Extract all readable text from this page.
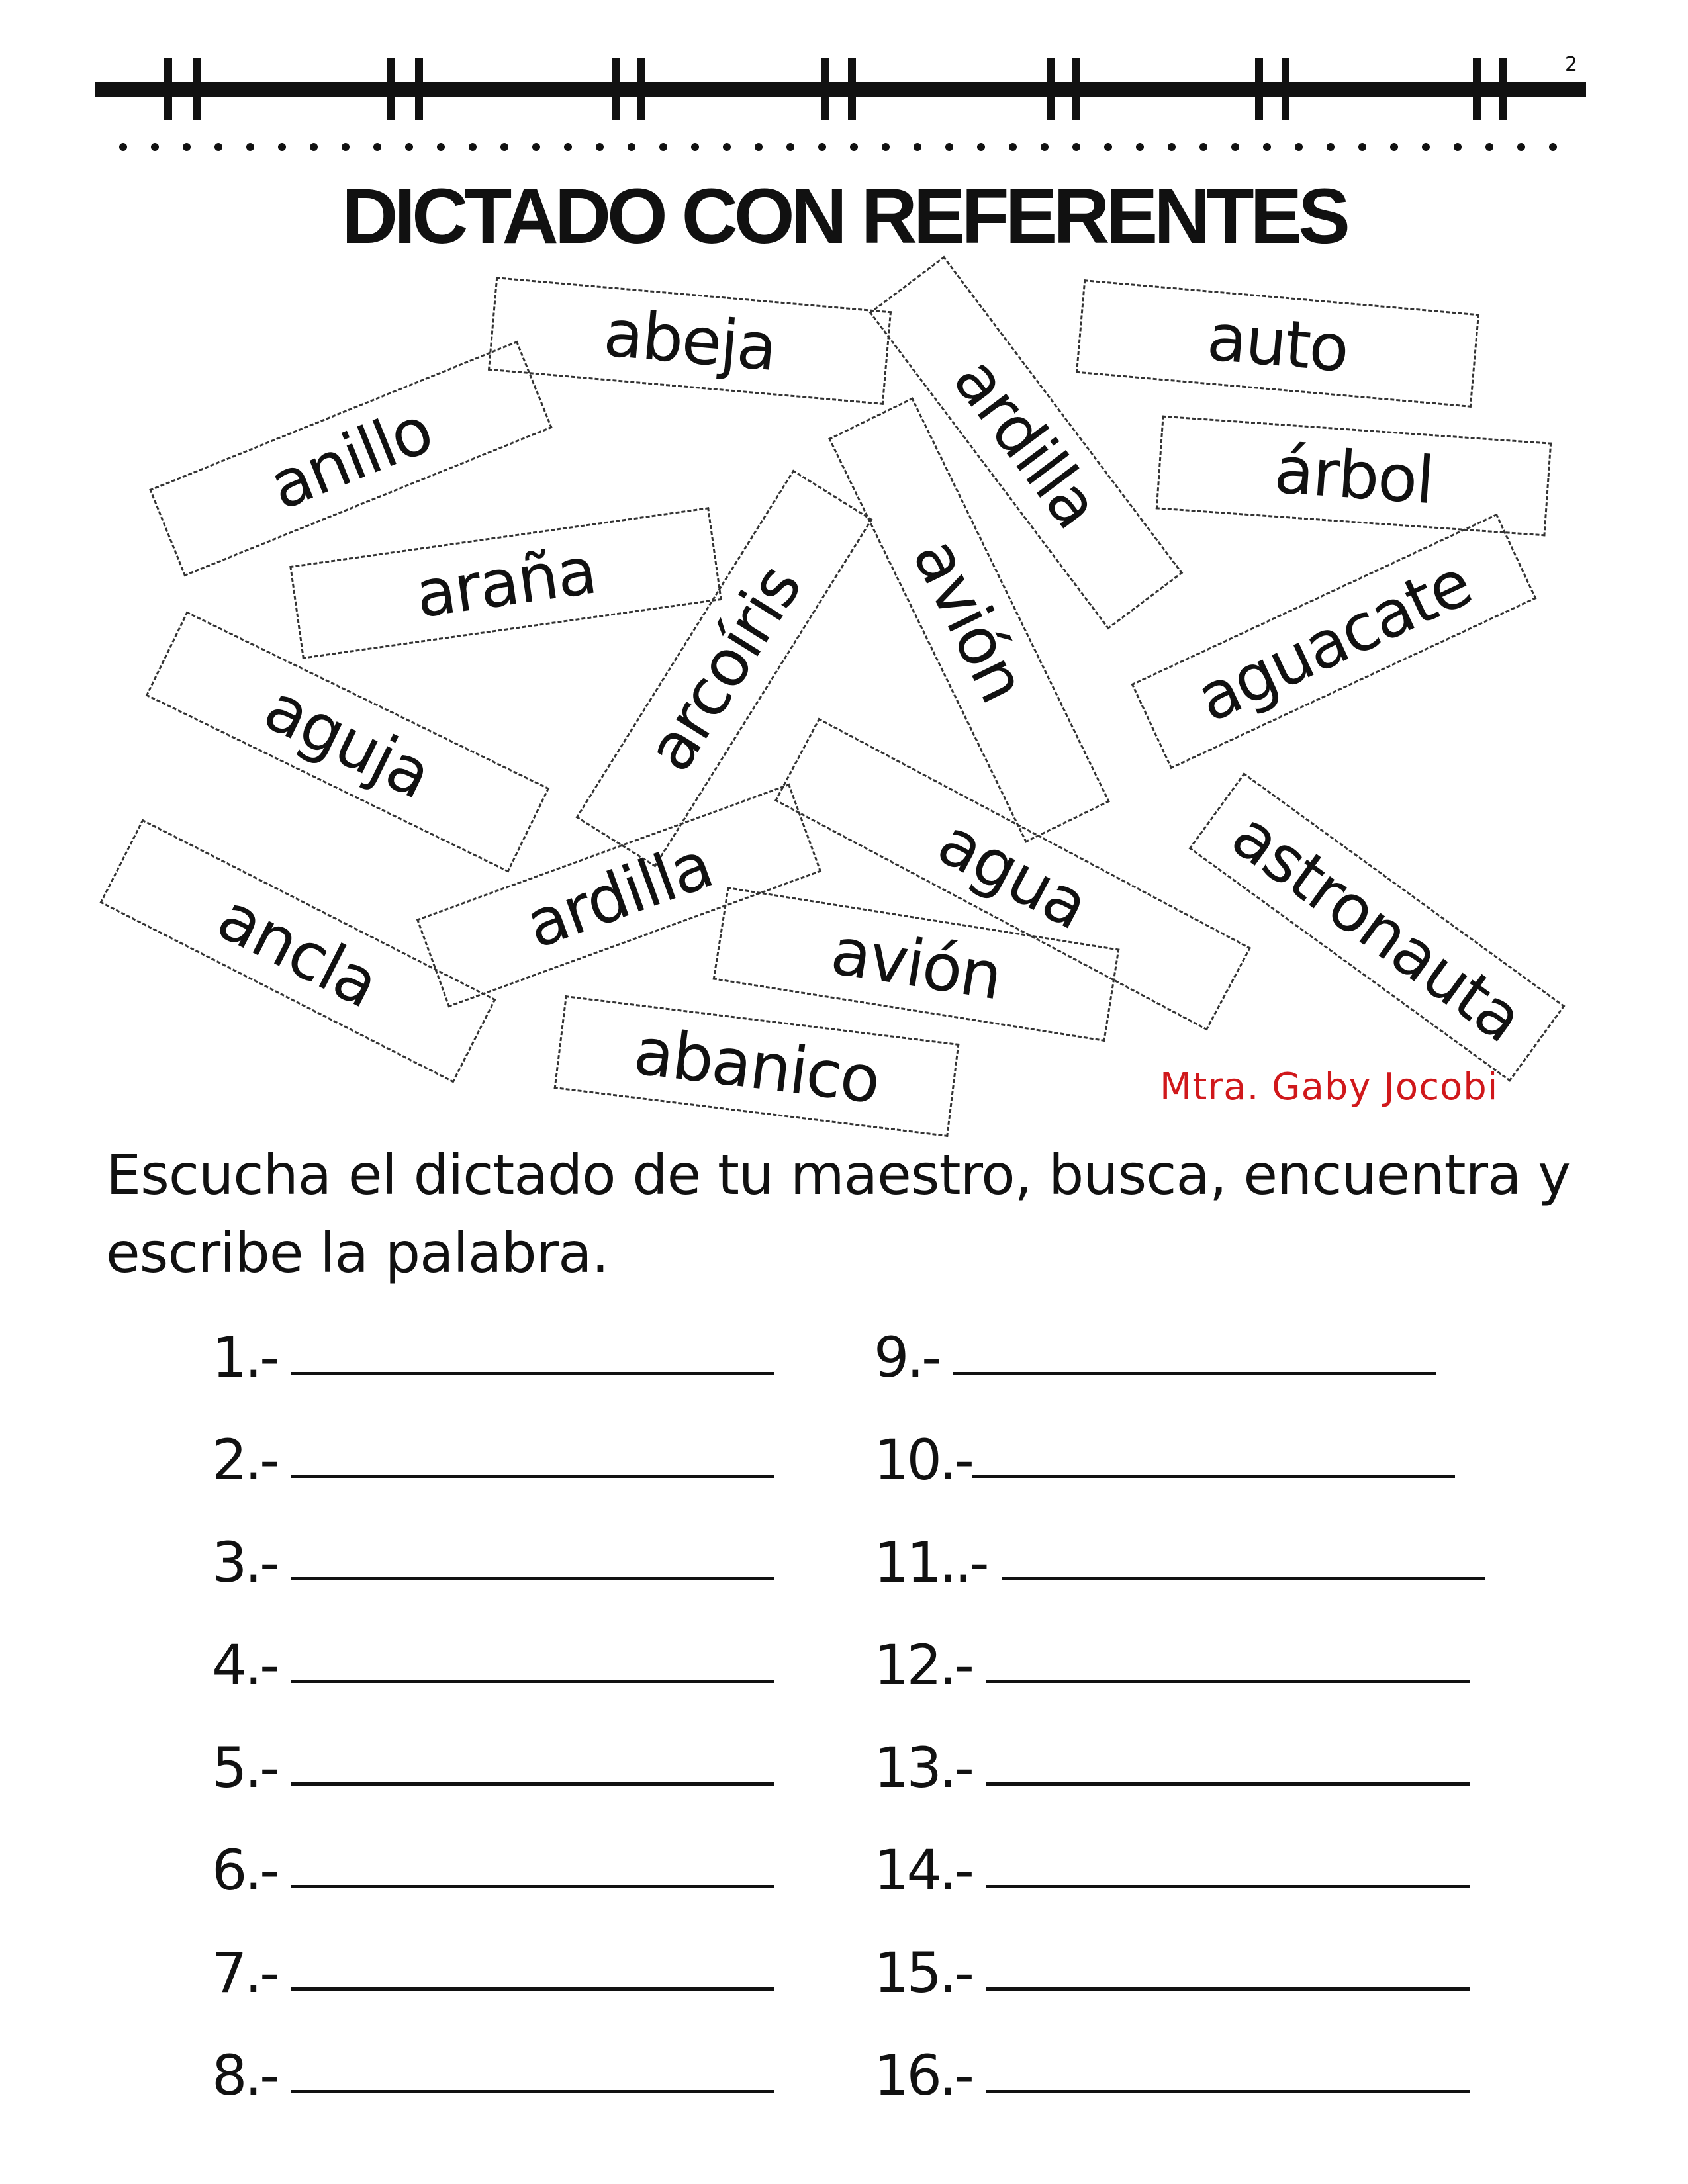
2
DICTADO CON REFERENTES
abeja	auto
ardilla
anillo	árbol
araña arcoíris	avión	aguacate
aguja
agua	astronauta
ancla	ardilla
avión
abanico	Mtra. Gaby Jocobi
Escucha el dictado de tu maestro, busca, encuentra y escribe la palabra.
1.-
2.-
3.-
4.-
5.-
6.-
7.-
8.-
9.-
10.-
11..-
12.-
13.-
14.-
15.-
16.-
